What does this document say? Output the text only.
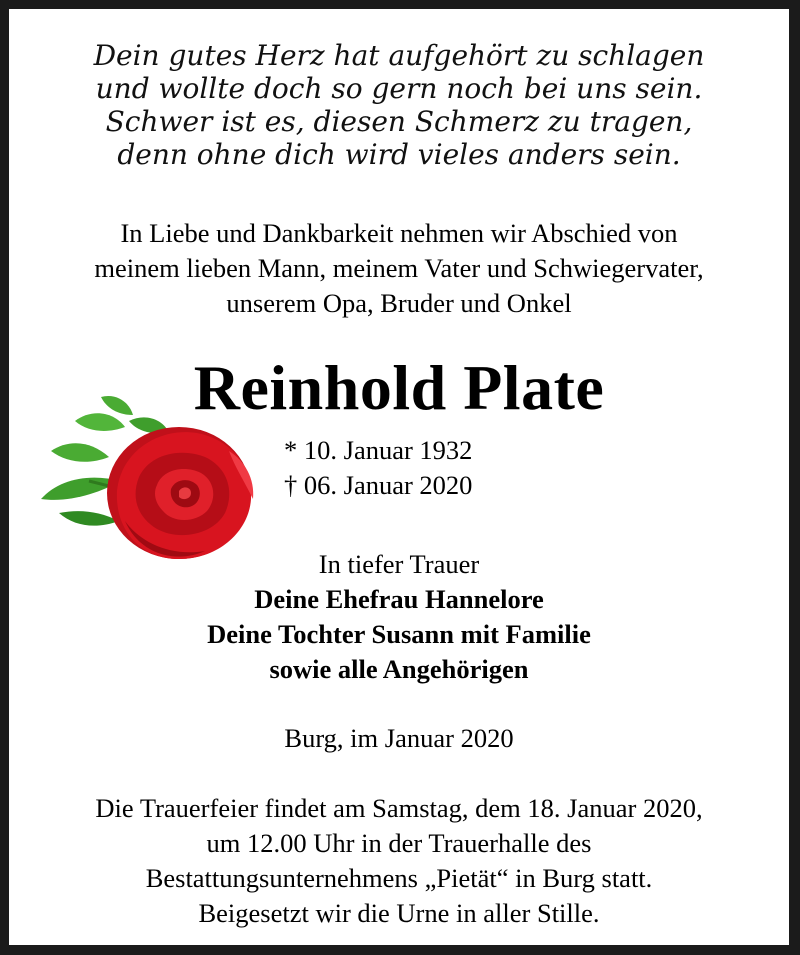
Dein gutes Herz hat aufgehört zu schlagen
und wollte doch so gern noch bei uns sein.
Schwer ist es, diesen Schmerz zu tragen,
denn ohne dich wird vieles anders sein.
In Liebe und Dankbarkeit nehmen wir Abschied von
meinem lieben Mann, meinem Vater und Schwiegervater,
unserem Opa, Bruder und Onkel
Reinhold Plate
* 10. Januar 1932
† 06. Januar 2020
In tiefer Trauer
Deine Ehefrau Hannelore
Deine Tochter Susann mit Familie
sowie alle Angehörigen
Burg, im Januar 2020
Die Trauerfeier findet am Samstag, dem 18. Januar 2020,
um 12.00 Uhr in der Trauerhalle des
Bestattungsunternehmens „Pietät“ in Burg statt.
Beigesetzt wir die Urne in aller Stille.
